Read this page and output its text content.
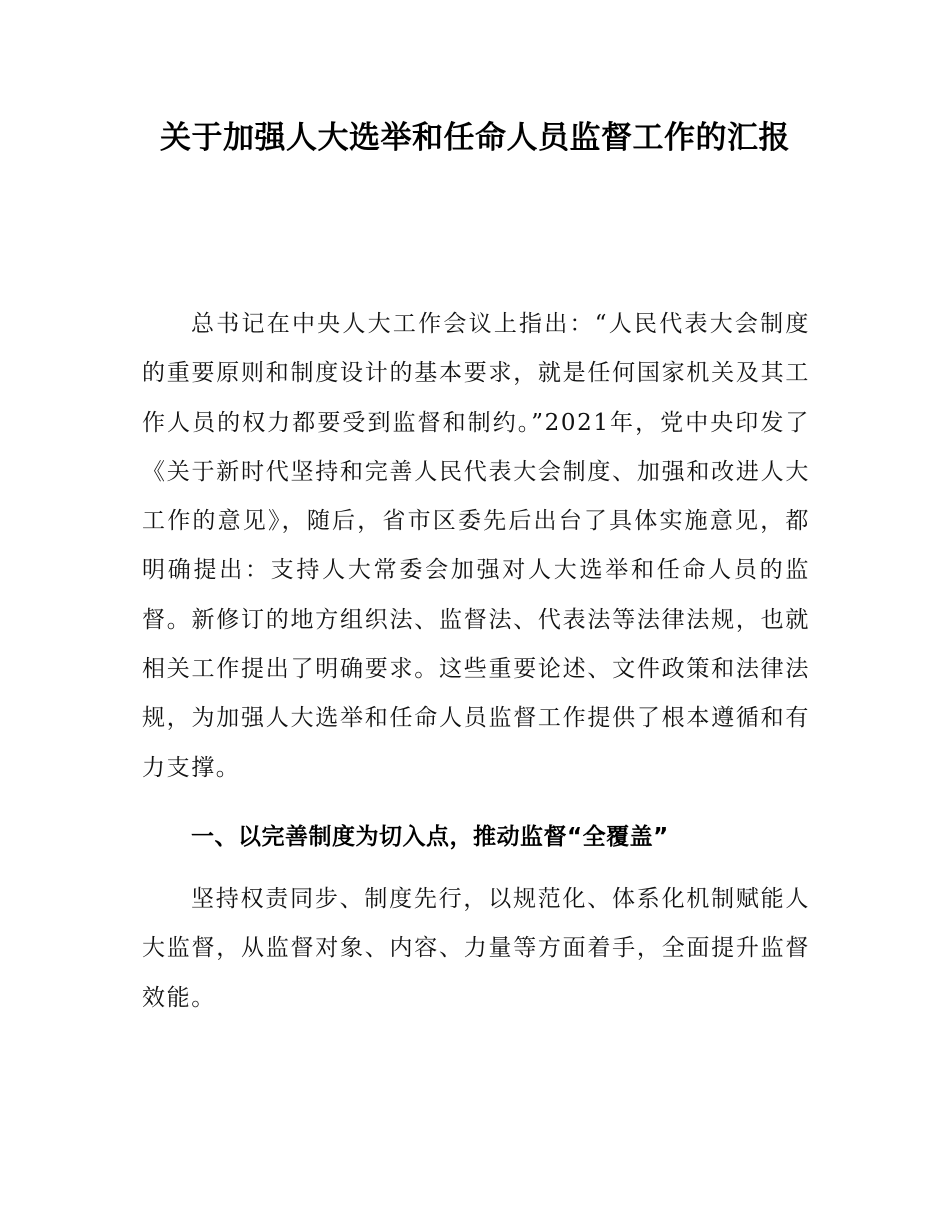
关于加强人大选举和任命人员监督工作的汇报

总书记在中央人大工作会议上指出：“人民代表大会制度的重要原则和制度设计的基本要求，就是任何国家机关及其工作人员的权力都要受到监督和制约。”2021年，党中央印发了《关于新时代坚持和完善人民代表大会制度、加强和改进人大工作的意见》，随后，省市区委先后出台了具体实施意见，都明确提出：支持人大常委会加强对人大选举和任命人员的监督。新修订的地方组织法、监督法、代表法等法律法规，也就相关工作提出了明确要求。这些重要论述、文件政策和法律法规，为加强人大选举和任命人员监督工作提供了根本遵循和有力支撑。

一、以完善制度为切入点，推动监督“全覆盖”

坚持权责同步、制度先行，以规范化、体系化机制赋能人大监督，从监督对象、内容、力量等方面着手，全面提升监督效能。
